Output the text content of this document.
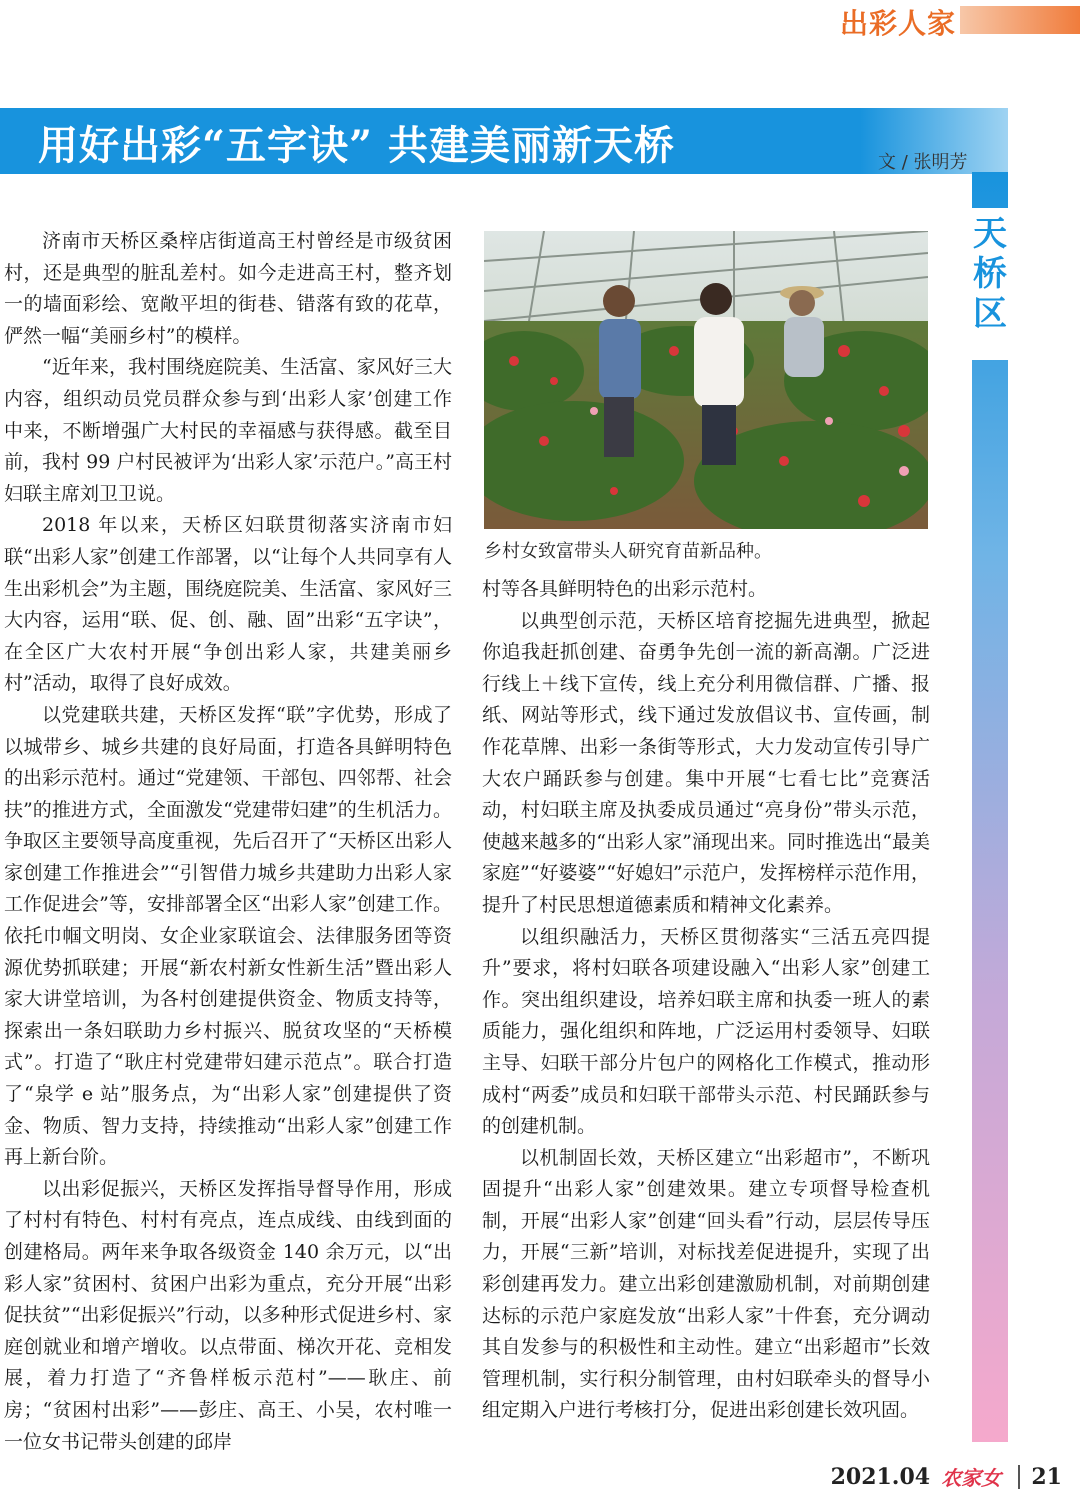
出彩人家
用好出彩“五字诀” 共建美丽新天桥	文 / 张明芳
天
桥
区

济南市天桥区桑梓店街道高王村曾经是市级贫困村，还是典型的脏乱差村。如今走进高王村，整齐划一的墙面彩绘、宽敞平坦的街巷、错落有致的花草，俨然一幅“美丽乡村”的模样。

“近年来，我村围绕庭院美、生活富、家风好三大内容，组织动员党员群众参与到‘出彩人家’创建工作中来，不断增强广大村民的幸福感与获得感。截至目前，我村 99 户村民被评为‘出彩人家’示范户。”高王村妇联主席刘卫卫说。

2018 年以来，天桥区妇联贯彻落实济南市妇联“出彩人家”创建工作部署，以“让每个人共同享有人生出彩机会”为主题，围绕庭院美、生活富、家风好三大内容，运用“联、促、创、融、固”出彩“五字诀”，在全区广大农村开展“争创出彩人家，共建美丽乡村”活动，取得了良好成效。

以党建联共建，天桥区发挥“联”字优势，形成了以城带乡、城乡共建的良好局面，打造各具鲜明特色的出彩示范村。通过“党建领、干部包、四邻帮、社会扶”的推进方式，全面激发“党建带妇建”的生机活力。争取区主要领导高度重视，先后召开了“天桥区出彩人家创建工作推进会”“引智借力城乡共建助力出彩人家工作促进会”等，安排部署全区“出彩人家”创建工作。依托巾帼文明岗、女企业家联谊会、法律服务团等资源优势抓联建；开展“新农村新女性新生活”暨出彩人家大讲堂培训，为各村创建提供资金、物质支持等，探索出一条妇联助力乡村振兴、脱贫攻坚的“天桥模式”。打造了“耿庄村党建带妇建示范点”。联合打造了“泉学 e 站”服务点，为“出彩人家”创建提供了资金、物质、智力支持，持续推动“出彩人家”创建工作再上新台阶。

以出彩促振兴，天桥区发挥指导督导作用，形成了村村有特色、村村有亮点，连点成线、由线到面的创建格局。两年来争取各级资金 140 余万元，以“出彩人家”贫困村、贫困户出彩为重点，充分开展“出彩促扶贫”“出彩促振兴”行动，以多种形式促进乡村、家庭创就业和增产增收。以点带面、梯次开花、竞相发展，着力打造了“齐鲁样板示范村”——耿庄、前房；“贫困村出彩”——彭庄、高王、小吴，农村唯一一位女书记带头创建的邱岸

乡村女致富带头人研究育苗新品种。

村等各具鲜明特色的出彩示范村。

以典型创示范，天桥区培育挖掘先进典型，掀起你追我赶抓创建、奋勇争先创一流的新高潮。广泛进行线上＋线下宣传，线上充分利用微信群、广播、报纸、网站等形式，线下通过发放倡议书、宣传画，制作花草牌、出彩一条街等形式，大力发动宣传引导广大农户踊跃参与创建。集中开展“七看七比”竞赛活动，村妇联主席及执委成员通过“亮身份”带头示范，使越来越多的“出彩人家”涌现出来。同时推选出“最美家庭”“好婆婆”“好媳妇”示范户，发挥榜样示范作用，提升了村民思想道德素质和精神文化素养。

以组织融活力，天桥区贯彻落实“三活五亮四提升”要求，将村妇联各项建设融入“出彩人家”创建工作。突出组织建设，培养妇联主席和执委一班人的素质能力，强化组织和阵地，广泛运用村委领导、妇联主导、妇联干部分片包户的网格化工作模式，推动形成村“两委”成员和妇联干部带头示范、村民踊跃参与的创建机制。

以机制固长效，天桥区建立“出彩超市”，不断巩固提升“出彩人家”创建效果。建立专项督导检查机制，开展“出彩人家”创建“回头看”行动，层层传导压力，开展“三新”培训，对标找差促进提升，实现了出彩创建再发力。建立出彩创建激励机制，对前期创建达标的示范户家庭发放“出彩人家”十件套，充分调动其自发参与的积极性和主动性。建立“出彩超市”长效管理机制，实行积分制管理，由村妇联牵头的督导小组定期入户进行考核打分，促进出彩创建长效巩固。

2021.04 农家女 21
